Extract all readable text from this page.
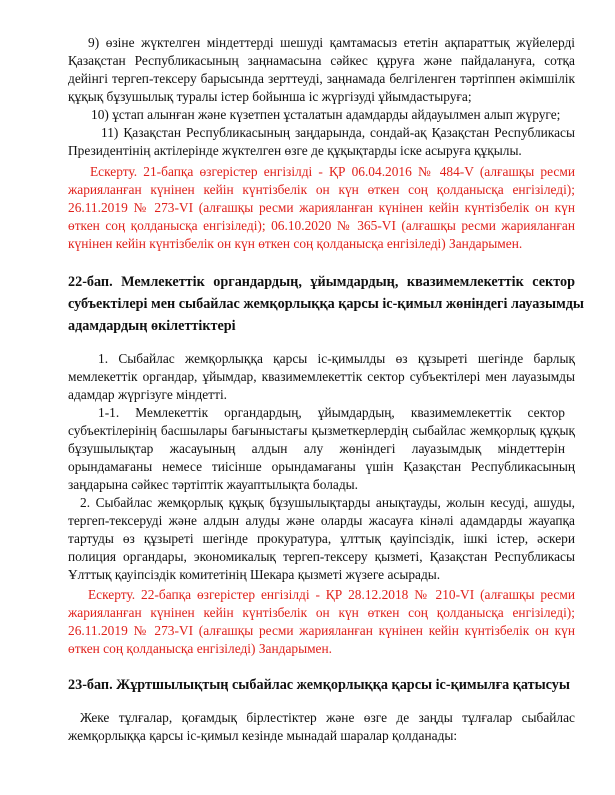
9) өзіне жүктелген міндеттерді шешуді қамтамасыз ететін ақпараттық жүйелерді
Қазақстан Республикасының заңнамасына сәйкес құруға және пайдалануға, сотқа
дейінгі тергеп-тексеру барысында зерттеуді, заңнамада белгіленген тәртіппен әкімшілік
құқық бұзушылық туралы істер бойынша іс жүргізуді ұйымдастыруға;
10) ұстап алынған және күзетпен ұсталатын адамдарды айдауылмен алып жүруге;
11) Қазақстан Республикасының заңдарында, сондай-ақ Қазақстан Республикасы
Президентінің актілерінде жүктелген өзге де құқықтарды іске асыруға құқылы.
Ескерту. 21-бапқа өзгерістер енгізілді - ҚР 06.04.2016 № 484-V (алғашқы ресми
жарияланған күнінен кейін күнтізбелік он күн өткен соң қолданысқа енгізіледі);
26.11.2019 № 273-VI (алғашқы ресми жарияланған күнінен кейін күнтізбелік он күн
өткен соң қолданысқа енгізіледі); 06.10.2020 № 365-VI (алғашқы ресми жарияланған
күнінен кейін күнтізбелік он күн өткен соң қолданысқа енгізіледі) Зандарымен.
22-бап. Мемлекеттік органдардың, ұйымдардың, квазимемлекеттік сектор
субъектілері мен сыбайлас жемқорлыққа қарсы іс-қимыл жөніндегі лауазымды
адамдардың өкілеттіктері
1. Сыбайлас жемқорлыққа қарсы іс-қимылды өз құзыреті шегінде барлық
мемлекеттік органдар, ұйымдар, квазимемлекеттік сектор субъектілері мен лауазымды
адамдар жүргізуге міндетті.
1-1. Мемлекеттік органдардың, ұйымдардың, квазимемлекеттік сектор
субъектілерінің басшылары бағыныстағы қызметкерлердің сыбайлас жемқорлық құқық
бұзушылықтар жасауының алдын алу жөніндегі лауазымдық міндеттерін
орындамағаны немесе тиісінше орындамағаны үшін Қазақстан Республикасының
заңдарына сәйкес тәртіптік жауаптылықта болады.
2. Сыбайлас жемқорлық құқық бұзушылықтарды анықтауды, жолын кесуді, ашуды,
тергеп-тексеруді және алдын алуды және оларды жасауға кінәлі адамдарды жауапқа
тартуды өз құзыреті шегінде прокуратура, ұлттық қауіпсіздік, ішкі істер, әскери
полиция органдары, экономикалық тергеп-тексеру қызметі, Қазақстан Республикасы
Ұлттық қауіпсіздік комитетінің Шекара қызметі жүзеге асырады.
Ескерту. 22-бапқа өзгерістер енгізілді - ҚР 28.12.2018 № 210-VI (алғашқы ресми
жарияланған күнінен кейін күнтізбелік он күн өткен соң қолданысқа енгізіледі);
26.11.2019 № 273-VI (алғашқы ресми жарияланған күнінен кейін күнтізбелік он күн
өткен соң қолданысқа енгізіледі) Зандарымен.
23-бап. Жұртшылықтың сыбайлас жемқорлыққа қарсы іс-қимылға қатысуы
Жеке тұлғалар, қоғамдық бірлестіктер және өзге де заңды тұлғалар сыбайлас
жемқорлыққа қарсы іс-қимыл кезінде мынадай шаралар қолданады:
